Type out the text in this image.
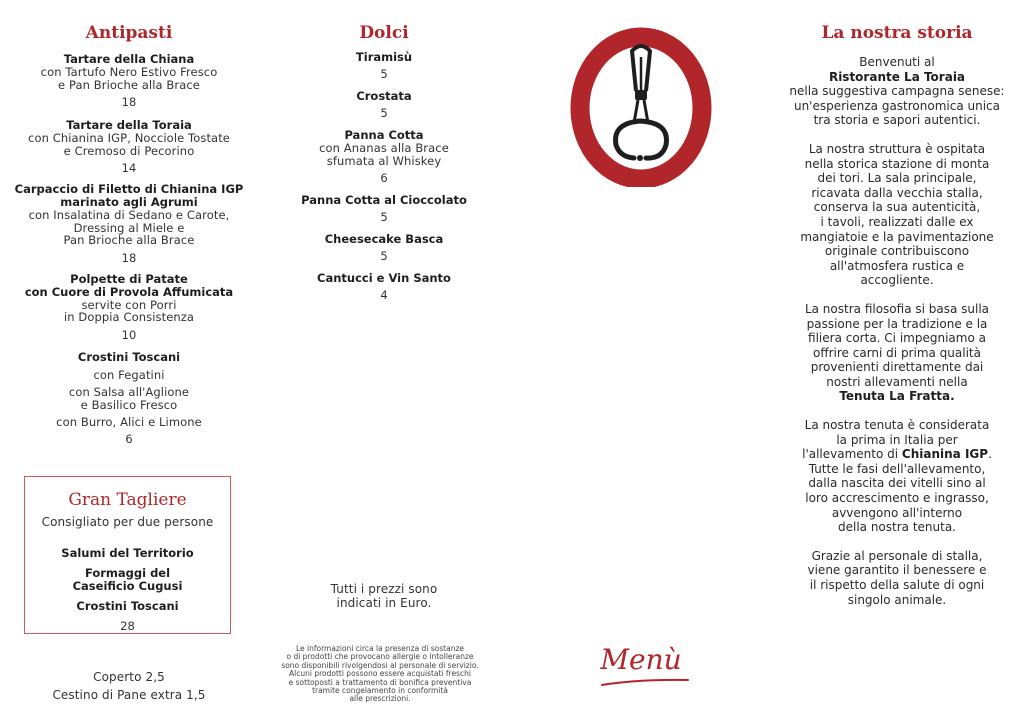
Antipasti
Tartare della Chiana
con Tartufo Nero Estivo Fresco
e Pan Brioche alla Brace
18
Tartare della Toraia
con Chianina IGP, Nocciole Tostate
e Cremoso di Pecorino
14
Carpaccio di Filetto di Chianina IGP
marinato agli Agrumi
con Insalatina di Sedano e Carote,
Dressing al Miele e
Pan Brioche alla Brace
18
Polpette di Patate
con Cuore di Provola Affumicata
servite con Porri
in Doppia Consistenza
10
Crostini Toscani
con Fegatini
con Salsa all'Aglione
e Basilico Fresco
con Burro, Alici e Limone
6
Gran Tagliere
Consigliato per due persone
Salumi del Territorio
Formaggi del
Caseificio Cugusi
Crostini Toscani
28
Coperto 2,5
Cestino di Pane extra 1,5
Dolci
Tiramisù
5
Crostata
5
Panna Cotta
con Ananas alla Brace
sfumata al Whiskey
6
Panna Cotta al Cioccolato
5
Cheesecake Basca
5
Cantucci e Vin Santo
4
Tutti i prezzi sono
indicati in Euro.
Le informazioni circa la presenza di sostanze
o di prodotti che provocano allergie o intolleranze
sono disponibili rivolgendosi al personale di servizio.
Alcuni prodotti possono essere acquistati freschi
e sottoposti a trattamento di bonifica preventiva
tramite congelamento in conformità
alle prescrizioni.
Menù
La nostra storia

Benvenuti al

Ristorante La Toraia

nella suggestiva campagna senese:

un'esperienza gastronomica unica

tra storia e sapori autentici.

La nostra struttura è ospitata

nella storica stazione di monta

dei tori. La sala principale,

ricavata dalla vecchia stalla,

conserva la sua autenticità,

i tavoli, realizzati dalle ex

mangiatoie e la pavimentazione

originale contribuiscono

all'atmosfera rustica e

accogliente.

La nostra filosofia si basa sulla

passione per la tradizione e la

filiera corta. Ci impegniamo a

offrire carni di prima qualità

provenienti direttamente dai

nostri allevamenti nella

Tenuta La Fratta.

La nostra tenuta è considerata

la prima in Italia per

l'allevamento di Chianina IGP.

Tutte le fasi dell'allevamento,

dalla nascita dei vitelli sino al

loro accrescimento e ingrasso,

avvengono all'interno

della nostra tenuta.

Grazie al personale di stalla,

viene garantito il benessere e

il rispetto della salute di ogni

singolo animale.
